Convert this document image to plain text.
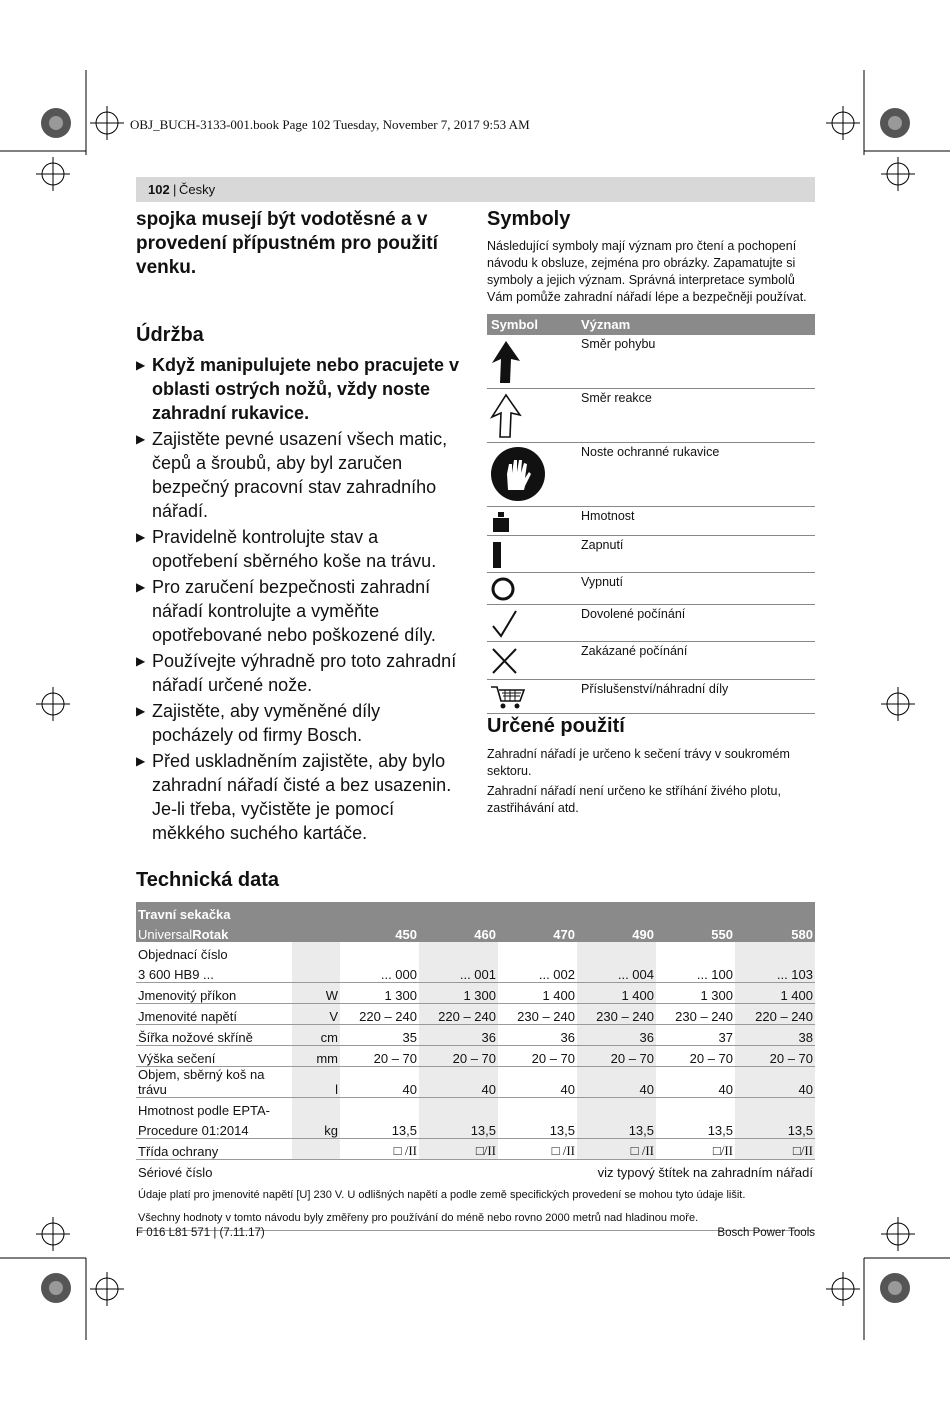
OBJ_BUCH-3133-001.book Page 102 Tuesday, November 7, 2017 9:53 AM
102 | Česky

spojka musejí být vodotěsné a v provedení přípustném pro použití venku.

Údržba
▶ Když manipulujete nebo pracujete v oblasti ostrých nožů, vždy noste zahradní rukavice.
▶ Zajistěte pevné usazení všech matic, čepů a šroubů, aby byl zaručen bezpečný pracovní stav zahradního nářadí.
▶ Pravidelně kontrolujte stav a opotřebení sběrného koše na trávu.
▶ Pro zaručení bezpečnosti zahradní nářadí kontrolujte a vyměňte opotřebované nebo poškozené díly.
▶ Používejte výhradně pro toto zahradní nářadí určené nože.
▶ Zajistěte, aby vyměněné díly pocházely od firmy Bosch.
▶ Před uskladněním zajistěte, aby bylo zahradní nářadí čisté a bez usazenin. Je-li třeba, vyčistěte je pomocí měkkého suchého kartáče.
Symboly
Následující symboly mají význam pro čtení a pochopení návodu k obsluze, zejména pro obrázky. Zapamatujte si symboly a jejich význam. Správná interpretace symbolů Vám pomůže zahradní nářadí lépe a bezpečněji používat.
Symbol	Význam
Směr pohybu
Směr reakce
Noste ochranné rukavice
Hmotnost
Zapnutí
Vypnutí
Dovolené počínání
Zakázané počínání
Příslušenství/náhradní díly
Určené použití
Zahradní nářadí je určeno k sečení trávy v soukromém sektoru.
Zahradní nářadí není určeno ke stříhání živého plotu, zastřihávání atd.
Technická data
Travní sekačka							
UniversalRotak		450	460	470	490	550	580
Objednací číslo							
3 600 HB9 ...		... 000	... 001	... 002	... 004	... 100	... 103
Jmenovitý příkon	W	1 300	1 300	1 400	1 400	1 300	1 400
Jmenovité napětí	V	220 – 240	220 – 240	230 – 240	230 – 240	230 – 240	220 – 240
Šířka nožové skříně	cm	35	36	36	36	37	38
Výška sečení	mm	20 – 70	20 – 70	20 – 70	20 – 70	20 – 70	20 – 70
Objem, sběrný koš na trávu	l	40	40	40	40	40	40
Hmotnost podle EPTA-							
Procedure 01:2014	kg	13,5	13,5	13,5	13,5	13,5	13,5
Třída ochrany		□ /II	□/II	□ /II	□ /II	□/II	□/II
Sériové číslo		viz typový štítek na zahradním nářadí					
Údaje platí pro jmenovité napětí [U] 230 V. U odlišných napětí a podle země specifických provedení se mohou tyto údaje lišit.							
Všechny hodnoty v tomto návodu byly změřeny pro používání do méně nebo rovno 2000 metrů nad hladinou moře.							
F 016 L81 571 | (7.11.17)	Bosch Power Tools
